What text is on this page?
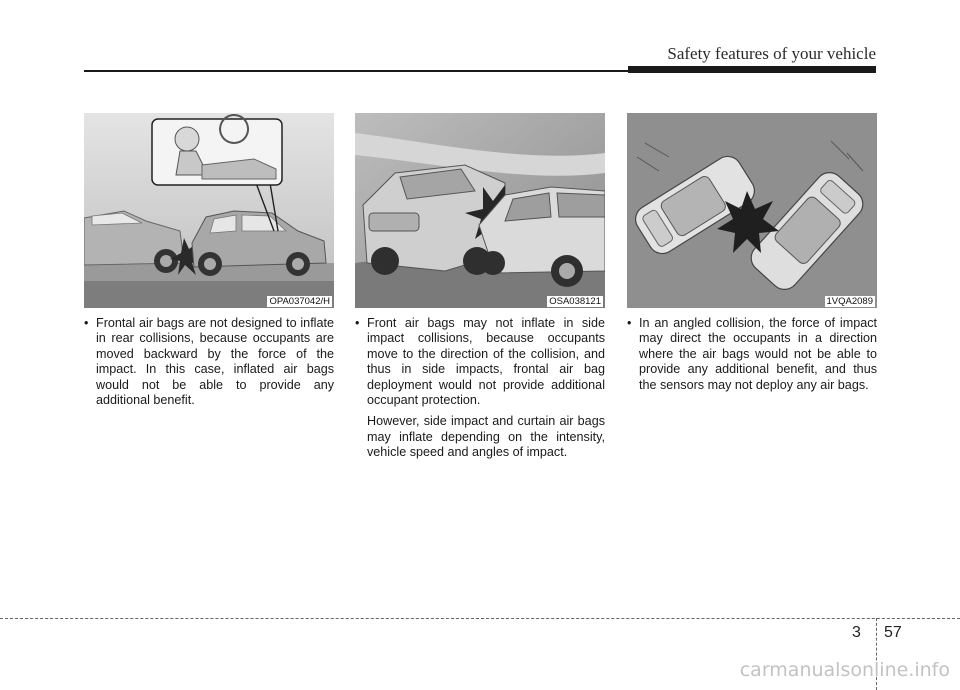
Safety features of your vehicle
OPA037042/H	OSA038121	1VQA2089

• Frontal air bags are not designed to inflate in rear collisions, because occupants are moved backward by the force of the impact. In this case, inflated air bags would not be able to provide any additional benefit.

• Front air bags may not inflate in side impact collisions, because occupants move to the direction of the collision, and thus in side impacts, frontal air bag deployment would not provide additional occupant protection.

However, side impact and curtain air bags may inflate depending on the intensity, vehicle speed and angles of impact.

• In an angled collision, the force of impact may direct the occupants in a direction where the air bags would not be able to provide any additional benefit, and thus the sensors may not deploy any air bags.

3 57
carmanualsonline.info
